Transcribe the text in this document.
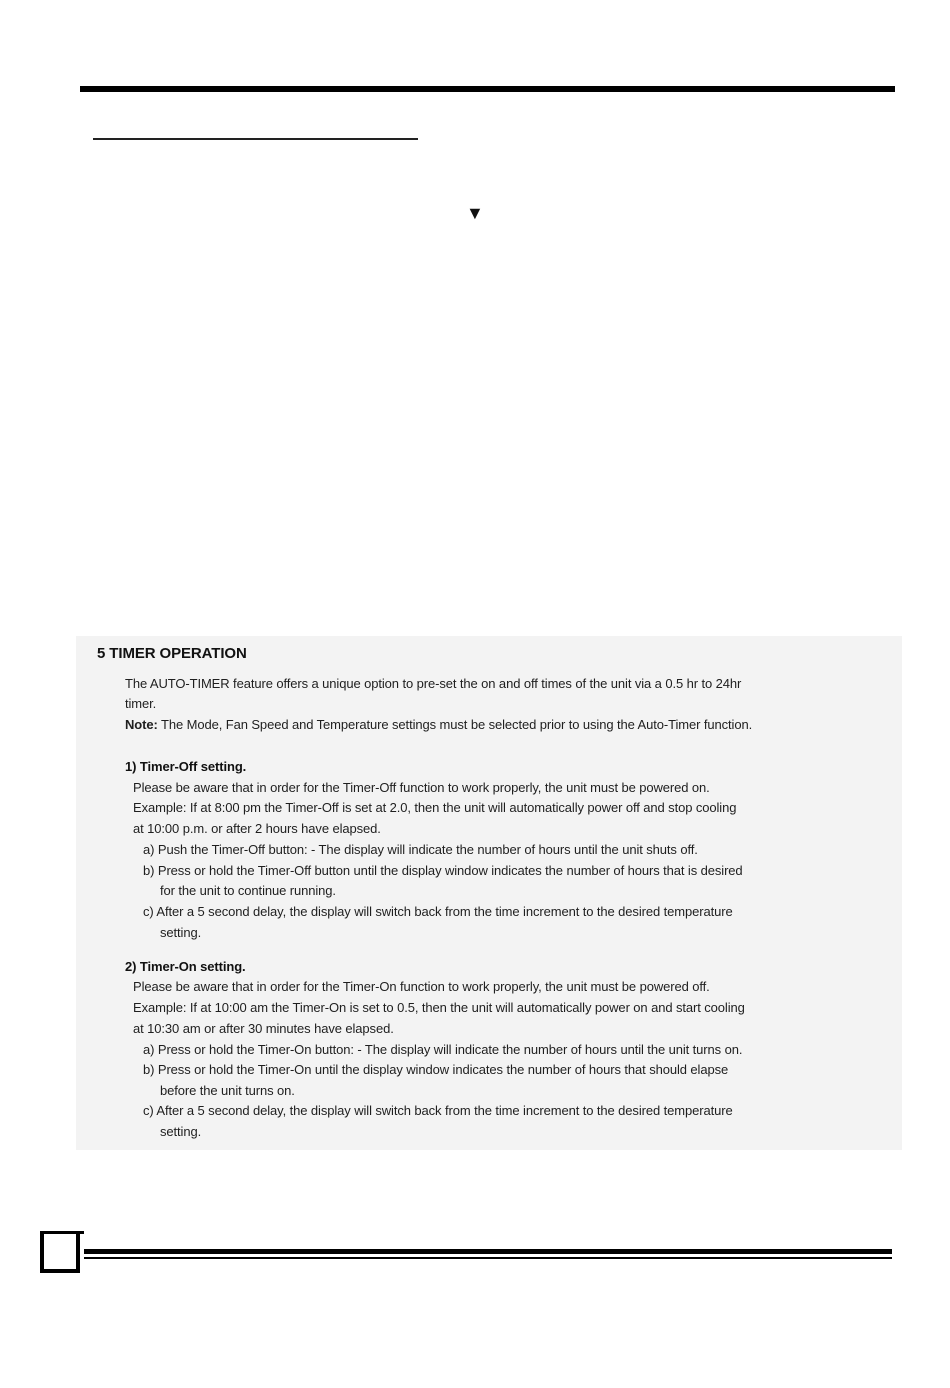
▼
5 TIMER OPERATION
The AUTO-TIMER feature offers a unique option to pre-set the on and off times of the unit via a 0.5 hr to 24hr
timer.
Note: The Mode, Fan Speed and Temperature settings must be selected prior to using the Auto-Timer function.
1) Timer-Off setting.
Please be aware that in order for the Timer-Off function to work properly, the unit must be powered on.
Example: If at 8:00 pm the Timer-Off is set at 2.0, then the unit will automatically power off and stop cooling
at 10:00 p.m. or after 2 hours have elapsed.
a) Push the Timer-Off button: - The display will indicate the number of hours until the unit shuts off.
b) Press or hold the Timer-Off button until the display window indicates the number of hours that is desired
for the unit to continue running.
c) After a 5 second delay, the display will switch back from the time increment to the desired temperature
setting.
2) Timer-On setting.
Please be aware that in order for the Timer-On function to work properly, the unit must be powered off.
Example: If at 10:00 am the Timer-On is set to 0.5, then the unit will automatically power on and start cooling
at 10:30 am or after 30 minutes have elapsed.
a) Press or hold the Timer-On button: - The display will indicate the number of hours until the unit turns on.
b) Press or hold the Timer-On until the display window indicates the number of hours that should elapse
before the unit turns on.
c) After a 5 second delay, the display will switch back from the time increment to the desired temperature
setting.
